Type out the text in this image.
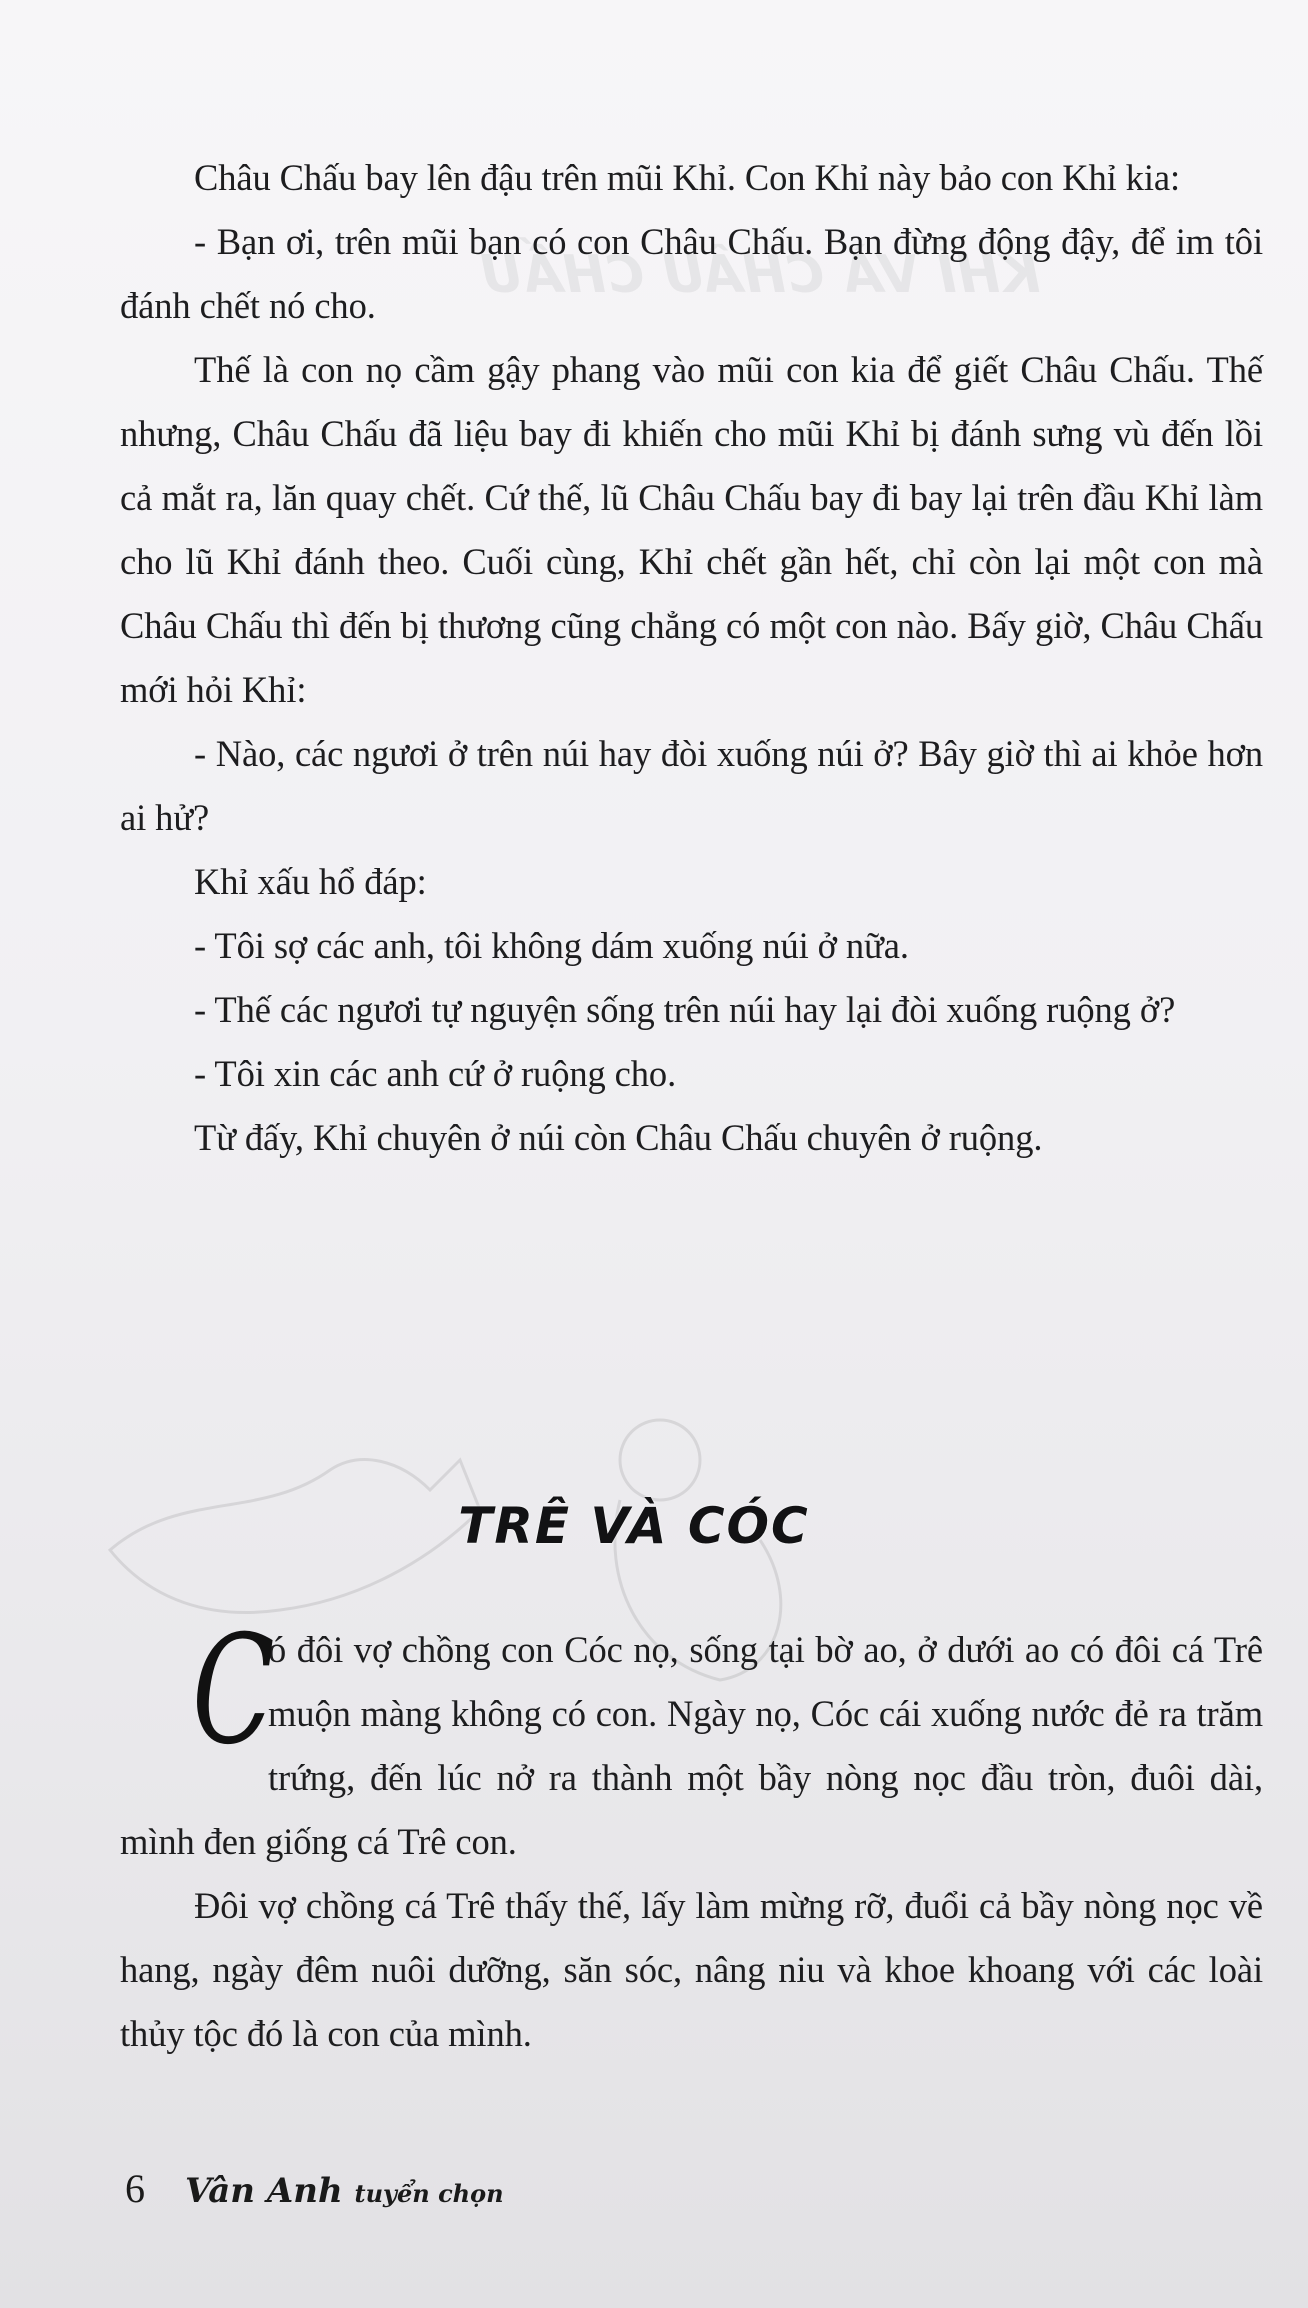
KHỈ VÀ CHÂU CHẤU

Châu Chấu bay lên đậu trên mũi Khỉ. Con Khỉ này bảo con Khỉ kia:

- Bạn ơi, trên mũi bạn có con Châu Chấu. Bạn đừng động đậy, để im tôi đánh chết nó cho.

Thế là con nọ cầm gậy phang vào mũi con kia để giết Châu Chấu. Thế nhưng, Châu Chấu đã liệu bay đi khiến cho mũi Khỉ bị đánh sưng vù đến lồi cả mắt ra, lăn quay chết. Cứ thế, lũ Châu Chấu bay đi bay lại trên đầu Khỉ làm cho lũ Khỉ đánh theo. Cuối cùng, Khỉ chết gần hết, chỉ còn lại một con mà Châu Chấu thì đến bị thương cũng chẳng có một con nào. Bấy giờ, Châu Chấu mới hỏi Khỉ:

- Nào, các ngươi ở trên núi hay đòi xuống núi ở? Bây giờ thì ai khỏe hơn ai hử?

Khỉ xấu hổ đáp:

- Tôi sợ các anh, tôi không dám xuống núi ở nữa.

- Thế các ngươi tự nguyện sống trên núi hay lại đòi xuống ruộng ở?

- Tôi xin các anh cứ ở ruộng cho.

Từ đấy, Khỉ chuyên ở núi còn Châu Chấu chuyên ở ruộng.

TRÊ VÀ CÓC
C

ó đôi vợ chồng con Cóc nọ, sống tại bờ ao, ở dưới ao có đôi cá Trê muộn màng không có con. Ngày nọ, Cóc cái xuống nước đẻ ra trăm trứng, đến lúc nở ra thành một bầy nòng nọc đầu tròn, đuôi dài, mình đen giống cá Trê con.

Đôi vợ chồng cá Trê thấy thế, lấy làm mừng rỡ, đuổi cả bầy nòng nọc về hang, ngày đêm nuôi dưỡng, săn sóc, nâng niu và khoe khoang với các loài thủy tộc đó là con của mình.

6 Vân Anh tuyển chọn
